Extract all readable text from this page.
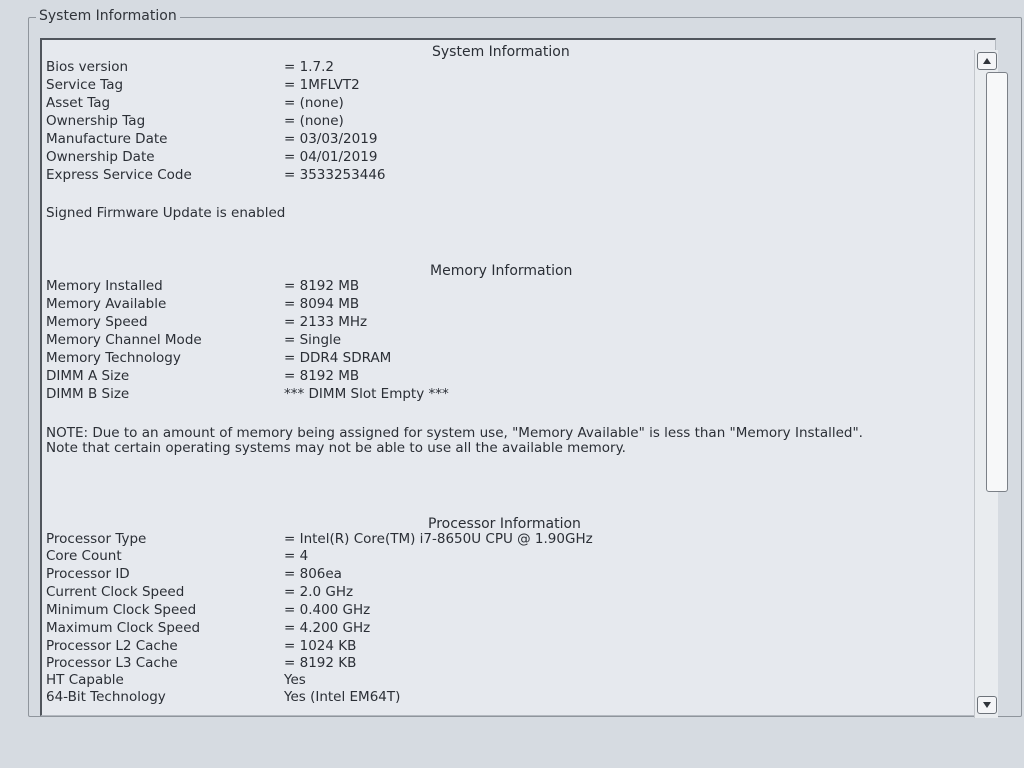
System Information
System Information
Bios version	= 1.7.2
Service Tag	= 1MFLVT2
Asset Tag	= (none)
Ownership Tag	= (none)
Manufacture Date	= 03/03/2019
Ownership Date	= 04/01/2019
Express Service Code	= 3533253446
Signed Firmware Update is enabled
Memory Information
Memory Installed	= 8192 MB
Memory Available	= 8094 MB
Memory Speed	= 2133 MHz
Memory Channel Mode	= Single
Memory Technology	= DDR4 SDRAM
DIMM A Size	= 8192 MB
DIMM B Size	*** DIMM Slot Empty ***
NOTE: Due to an amount of memory being assigned for system use, "Memory Available" is less than "Memory Installed". Note that certain operating systems may not be able to use all the available memory.
Processor Information
Processor Type	= Intel(R) Core(TM) i7-8650U CPU @ 1.90GHz
Core Count	= 4
Processor ID	= 806ea
Current Clock Speed	= 2.0 GHz
Minimum Clock Speed	= 0.400 GHz
Maximum Clock Speed	= 4.200 GHz
Processor L2 Cache	= 1024 KB
Processor L3 Cache	= 8192 KB
HT Capable	Yes
64-Bit Technology	Yes (Intel EM64T)
